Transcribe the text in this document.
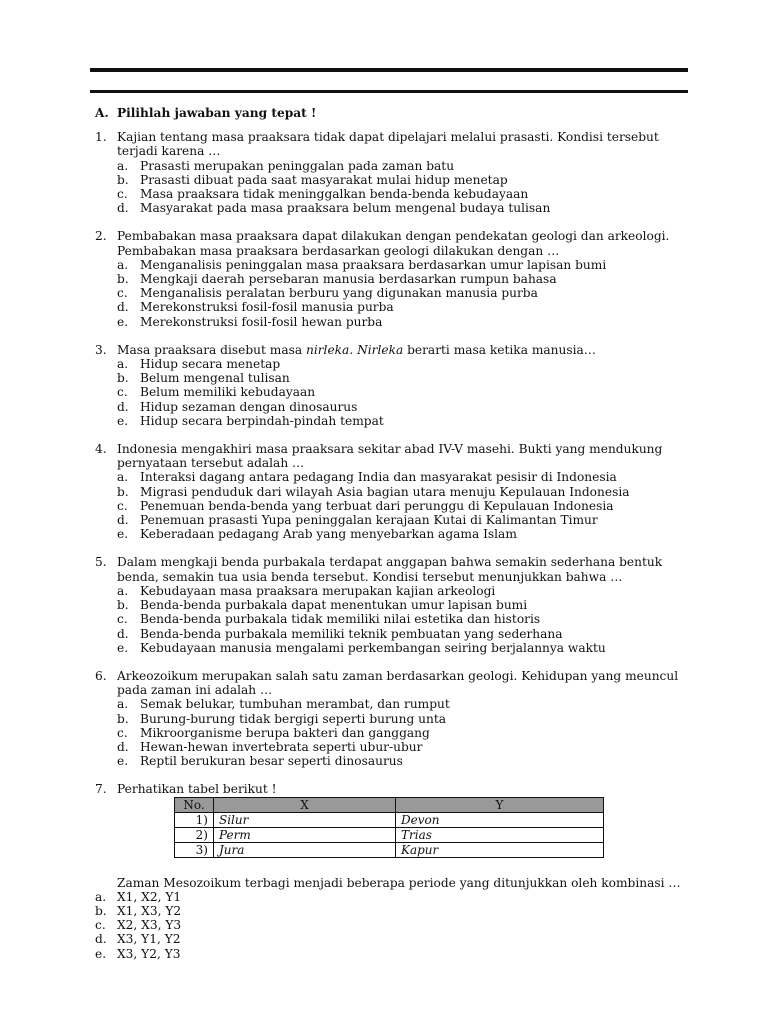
A. Pilihlah jawaban yang tepat !
1. Kajian tentang masa praaksara tidak dapat dipelajari melalui prasasti. Kondisi tersebut terjadi karena …
a. Prasasti merupakan peninggalan pada zaman batu
b. Prasasti dibuat pada saat masyarakat mulai hidup menetap
c. Masa praaksara tidak meninggalkan benda-benda kebudayaan
d. Masyarakat pada masa praaksara belum mengenal budaya tulisan
2. Pembabakan masa praaksara dapat dilakukan dengan pendekatan geologi dan arkeologi. Pembabakan masa praaksara berdasarkan geologi dilakukan dengan …
a. Menganalisis peninggalan masa praaksara berdasarkan umur lapisan bumi
b. Mengkaji daerah persebaran manusia berdasarkan rumpun bahasa
c. Menganalisis peralatan berburu yang digunakan manusia purba
d. Merekonstruksi fosil-fosil manusia purba
e. Merekonstruksi fosil-fosil hewan purba
3. Masa praaksara disebut masa nirleka. Nirleka berarti masa ketika manusia…
a. Hidup secara menetap
b. Belum mengenal tulisan
c. Belum memiliki kebudayaan
d. Hidup sezaman dengan dinosaurus
e. Hidup secara berpindah-pindah tempat
4. Indonesia mengakhiri masa praaksara sekitar abad IV-V masehi. Bukti yang mendukung pernyataan tersebut adalah …
a. Interaksi dagang antara pedagang India dan masyarakat pesisir di Indonesia
b. Migrasi penduduk dari wilayah Asia bagian utara menuju Kepulauan Indonesia
c. Penemuan benda-benda yang terbuat dari perunggu di Kepulauan Indonesia
d. Penemuan prasasti Yupa peninggalan kerajaan Kutai di Kalimantan Timur
e. Keberadaan pedagang Arab yang menyebarkan agama Islam
5. Dalam mengkaji benda purbakala terdapat anggapan bahwa semakin sederhana bentuk benda, semakin tua usia benda tersebut. Kondisi tersebut menunjukkan bahwa …
a. Kebudayaan masa praaksara merupakan kajian arkeologi
b. Benda-benda purbakala dapat menentukan umur lapisan bumi
c. Benda-benda purbakala tidak memiliki nilai estetika dan historis
d. Benda-benda purbakala memiliki teknik pembuatan yang sederhana
e. Kebudayaan manusia mengalami perkembangan seiring berjalannya waktu
6. Arkeozoikum merupakan salah satu zaman berdasarkan geologi. Kehidupan yang meuncul pada zaman ini adalah …
a. Semak belukar, tumbuhan merambat, dan rumput
b. Burung-burung tidak bergigi seperti burung unta
c. Mikroorganisme berupa bakteri dan ganggang
d. Hewan-hewan invertebrata seperti ubur-ubur
e. Reptil berukuran besar seperti dinosaurus
7. Perhatikan tabel berikut !
No.	X	Y
1)	Silur	Devon
2)	Perm	Trias
3)	Jura	Kapur
Zaman Mesozoikum terbagi menjadi beberapa periode yang ditunjukkan oleh kombinasi …
a. X1, X2, Y1
b. X1, X3, Y2
c. X2, X3, Y3
d. X3, Y1, Y2
e. X3, Y2, Y3
